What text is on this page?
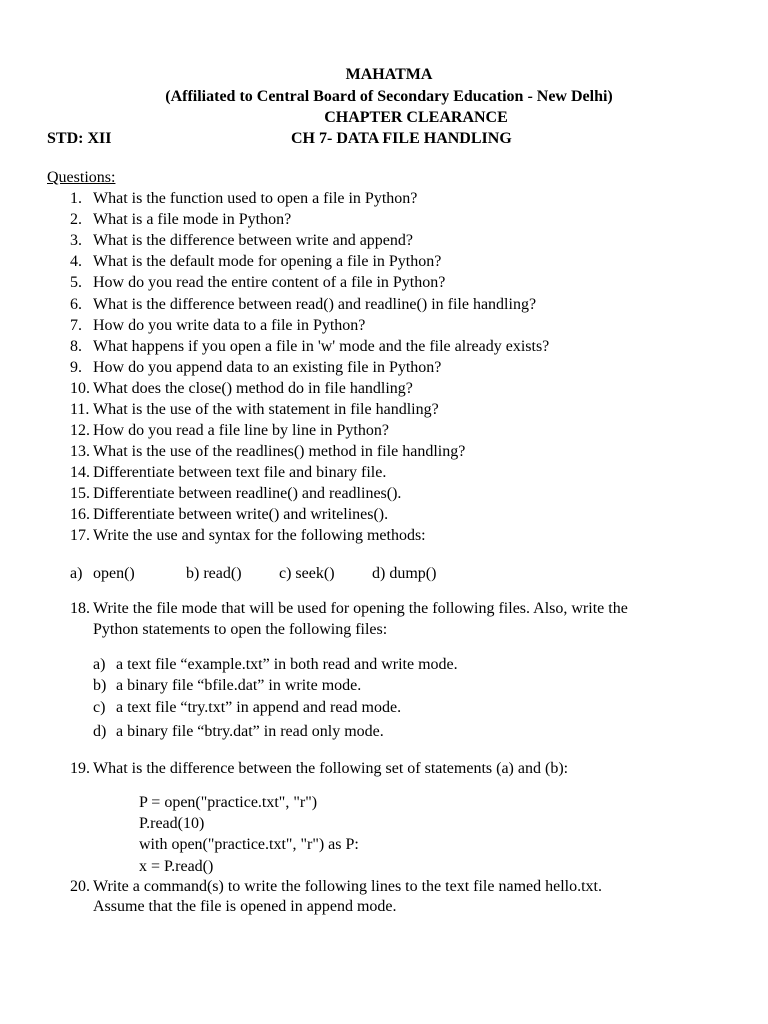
MAHATMA
(Affiliated to Central Board of Secondary Education - New Delhi)
CHAPTER CLEARANCE
STD: XII	CH 7- DATA FILE HANDLING
Questions:
1. What is the function used to open a file in Python?
2. What is a file mode in Python?
3. What is the difference between write and append?
4. What is the default mode for opening a file in Python?
5. How do you read the entire content of a file in Python?
6. What is the difference between read() and readline() in file handling?
7. How do you write data to a file in Python?
8. What happens if you open a file in 'w' mode and the file already exists?
9. How do you append data to an existing file in Python?
10. What does the close() method do in file handling?
11. What is the use of the with statement in file handling?
12. How do you read a file line by line in Python?
13. What is the use of the readlines() method in file handling?
14. Differentiate between text file and binary file.
15. Differentiate between readline() and readlines().
16. Differentiate between write() and writelines().
17. Write the use and syntax for the following methods:
a) open()	b) read() c) seek() d) dump()
18. Write the file mode that will be used for opening the following files. Also, write the
Python statements to open the following files:
a) a text file “example.txt” in both read and write mode.
b) a binary file “bfile.dat” in write mode.
c) a text file “try.txt” in append and read mode.
d) a binary file “btry.dat” in read only mode.
19. What is the difference between the following set of statements (a) and (b):
P = open("practice.txt", "r")
P.read(10)
with open("practice.txt", "r") as P:
x = P.read()
20. Write a command(s) to write the following lines to the text file named hello.txt.
Assume that the file is opened in append mode.
